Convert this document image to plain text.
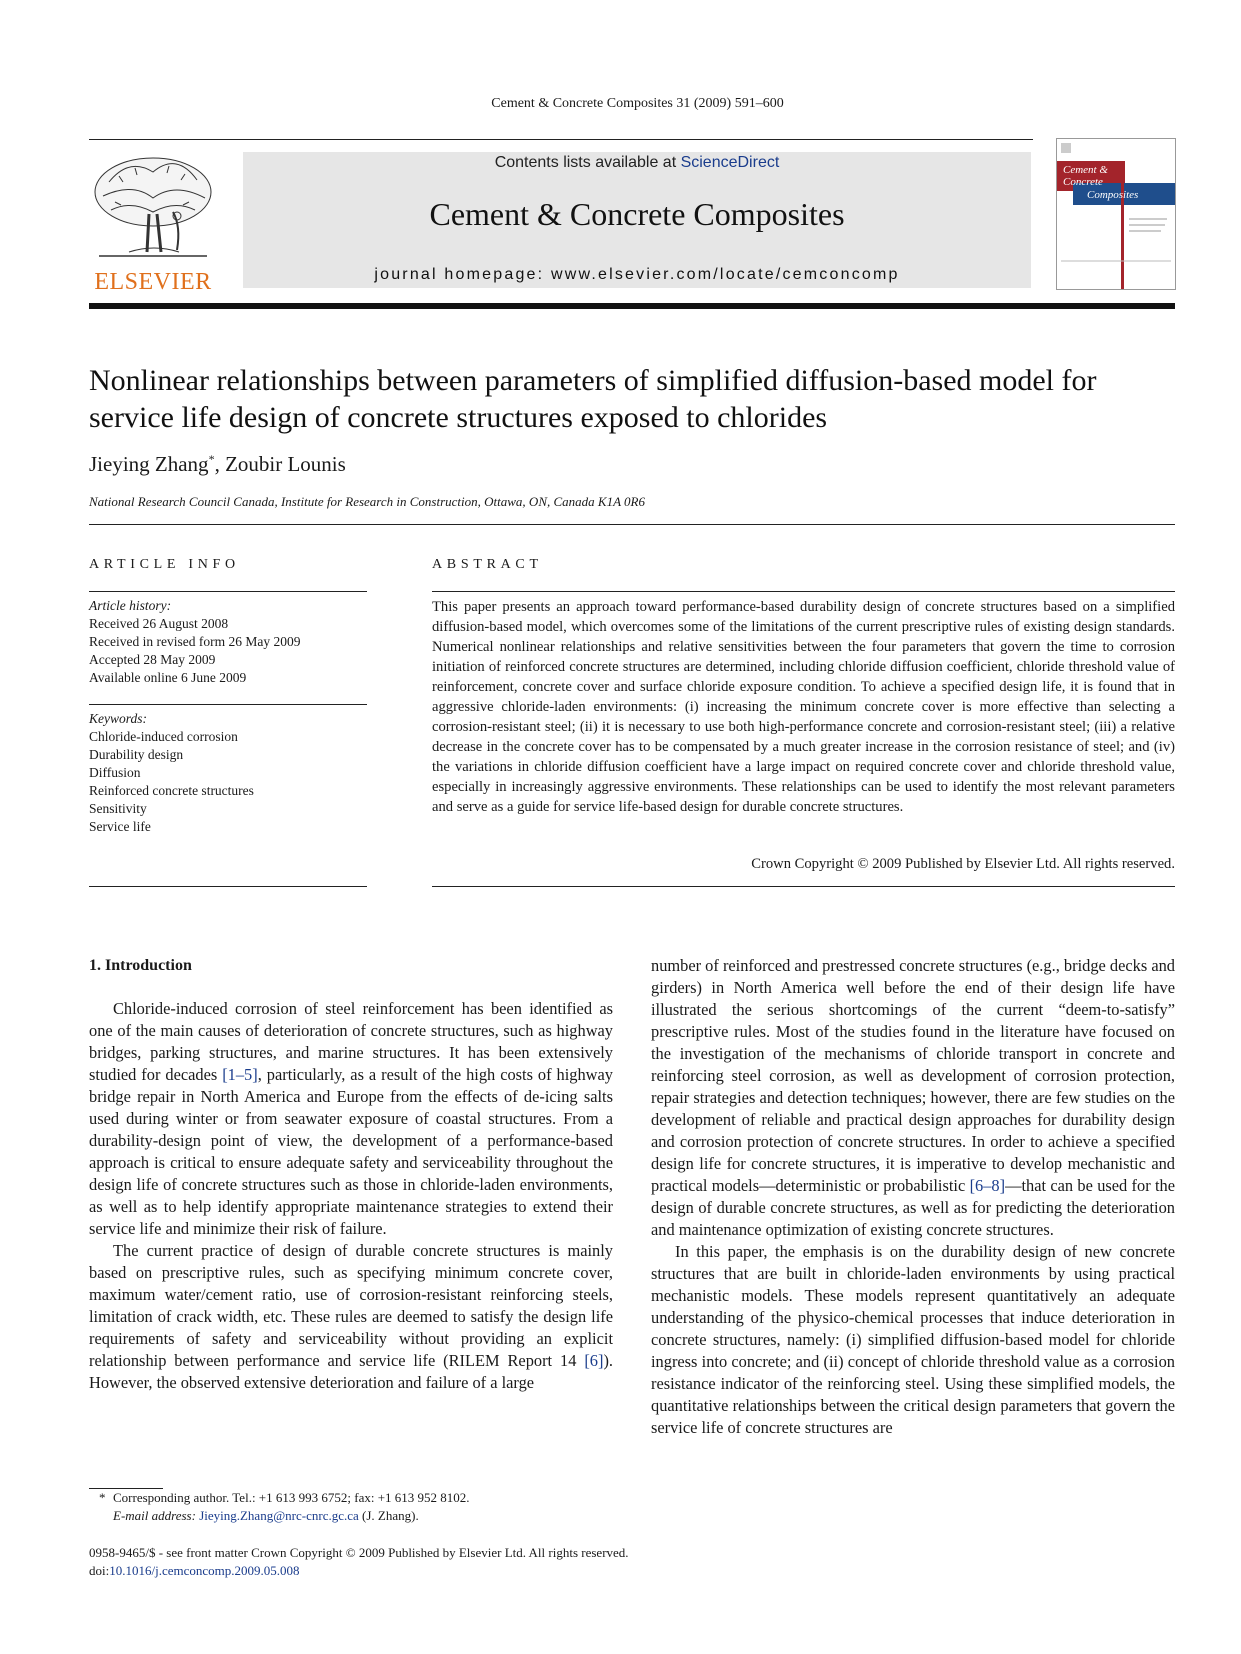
Cement & Concrete Composites 31 (2009) 591–600
ELSEVIER
Contents lists available at ScienceDirect
Cement & Concrete Composites
journal homepage: www.elsevier.com/locate/cemconcomp
Cement &
Concrete
Composites
Nonlinear relationships between parameters of simplified diffusion-based model for service life design of concrete structures exposed to chlorides
Jieying Zhang*, Zoubir Lounis
National Research Council Canada, Institute for Research in Construction, Ottawa, ON, Canada K1A 0R6
ARTICLE INFO
Article history:
Received 26 August 2008
Received in revised form 26 May 2009
Accepted 28 May 2009
Available online 6 June 2009
Keywords:
Chloride-induced corrosion
Durability design
Diffusion
Reinforced concrete structures
Sensitivity
Service life
ABSTRACT
This paper presents an approach toward performance-based durability design of concrete structures based on a simplified diffusion-based model, which overcomes some of the limitations of the current prescriptive rules of existing design standards. Numerical nonlinear relationships and relative sensitivities between the four parameters that govern the time to corrosion initiation of reinforced concrete structures are determined, including chloride diffusion coefficient, chloride threshold value of reinforcement, concrete cover and surface chloride exposure condition. To achieve a specified design life, it is found that in aggressive chloride-laden environments: (i) increasing the minimum concrete cover is more effective than selecting a corrosion-resistant steel; (ii) it is necessary to use both high-performance concrete and corrosion-resistant steel; (iii) a relative decrease in the concrete cover has to be compensated by a much greater increase in the corrosion resistance of steel; and (iv) the variations in chloride diffusion coefficient have a large impact on required concrete cover and chloride threshold value, especially in increasingly aggressive environments. These relationships can be used to identify the most relevant parameters and serve as a guide for service life-based design for durable concrete structures.
Crown Copyright © 2009 Published by Elsevier Ltd. All rights reserved.
1. Introduction

Chloride-induced corrosion of steel reinforcement has been identified as one of the main causes of deterioration of concrete structures, such as highway bridges, parking structures, and marine structures. It has been extensively studied for decades [1–5], particularly, as a result of the high costs of highway bridge repair in North America and Europe from the effects of de-icing salts used during winter or from seawater exposure of coastal structures. From a durability-design point of view, the development of a performance-based approach is critical to ensure adequate safety and serviceability throughout the design life of concrete structures such as those in chloride-laden environments, as well as to help identify appropriate maintenance strategies to extend their service life and minimize their risk of failure.

The current practice of design of durable concrete structures is mainly based on prescriptive rules, such as specifying minimum concrete cover, maximum water/cement ratio, use of corrosion-resistant reinforcing steels, limitation of crack width, etc. These rules are deemed to satisfy the design life requirements of safety and serviceability without providing an explicit relationship between performance and service life (RILEM Report 14 [6]). However, the observed extensive deterioration and failure of a large

number of reinforced and prestressed concrete structures (e.g., bridge decks and girders) in North America well before the end of their design life have illustrated the serious shortcomings of the current “deem-to-satisfy” prescriptive rules. Most of the studies found in the literature have focused on the investigation of the mechanisms of chloride transport in concrete and reinforcing steel corrosion, as well as development of corrosion protection, repair strategies and detection techniques; however, there are few studies on the development of reliable and practical design approaches for durability design and corrosion protection of concrete structures. In order to achieve a specified design life for concrete structures, it is imperative to develop mechanistic and practical models—deterministic or probabilistic [6–8]—that can be used for the design of durable concrete structures, as well as for predicting the deterioration and maintenance optimization of existing concrete structures.

In this paper, the emphasis is on the durability design of new concrete structures that are built in chloride-laden environments by using practical mechanistic models. These models represent quantitatively an adequate understanding of the physico-chemical processes that induce deterioration in concrete structures, namely: (i) simplified diffusion-based model for chloride ingress into concrete; and (ii) concept of chloride threshold value as a corrosion resistance indicator of the reinforcing steel. Using these simplified models, the quantitative relationships between the critical design parameters that govern the service life of concrete structures are

* Corresponding author. Tel.: +1 613 993 6752; fax: +1 613 952 8102.
E-mail address: Jieying.Zhang@nrc-cnrc.gc.ca (J. Zhang).
0958-9465/$ - see front matter Crown Copyright © 2009 Published by Elsevier Ltd. All rights reserved.
doi:10.1016/j.cemconcomp.2009.05.008
